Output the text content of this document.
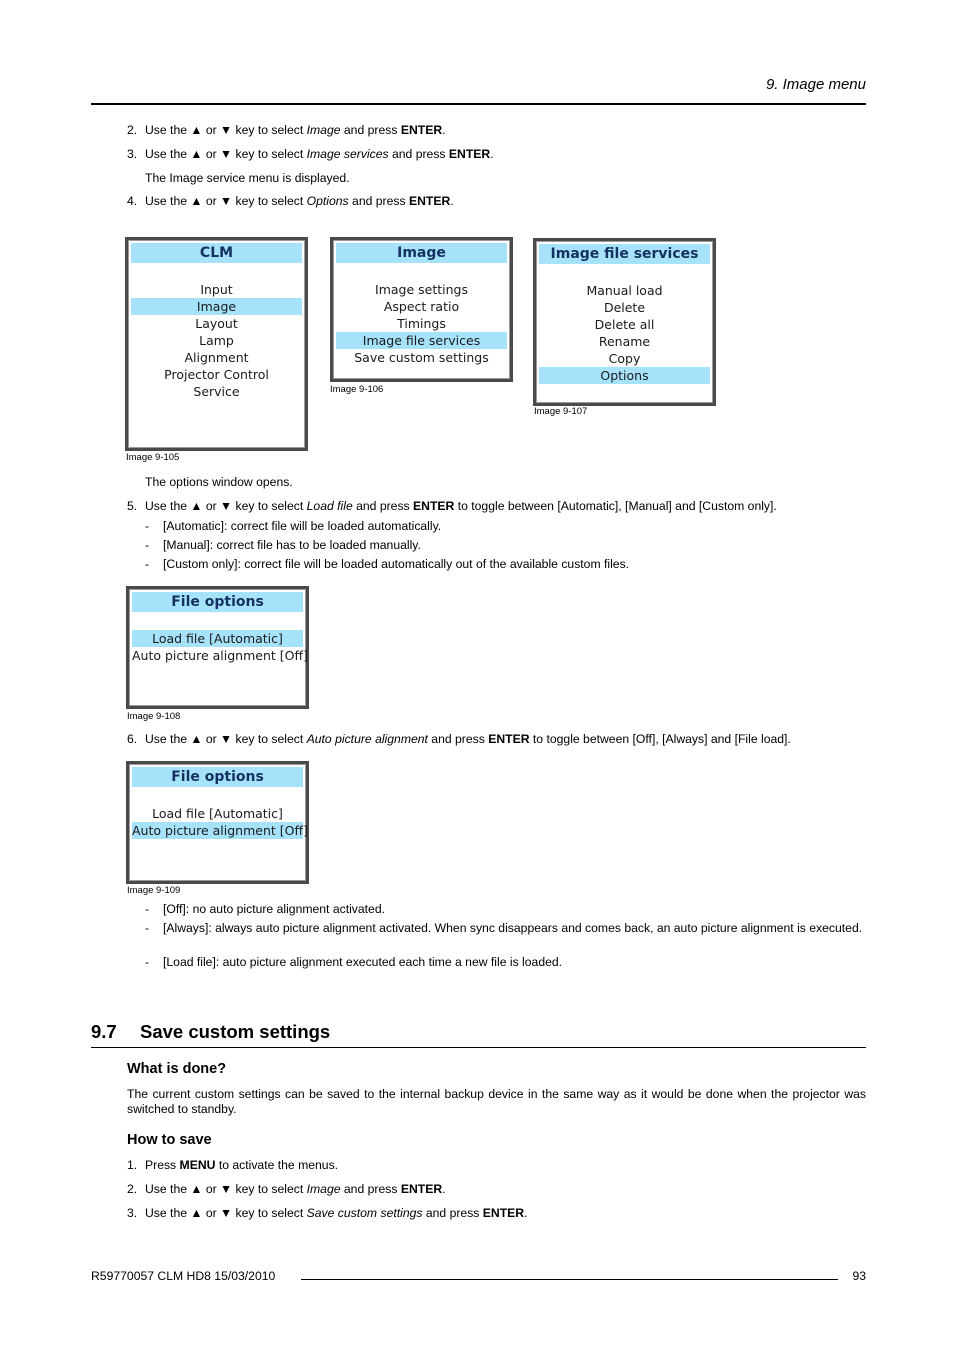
9. Image menu
2. Use the ▲ or ▼ key to select Image and press ENTER.
3. Use the ▲ or ▼ key to select Image services and press ENTER.
The Image service menu is displayed.
4. Use the ▲ or ▼ key to select Options and press ENTER.
CLM
Input
Image
Layout
Lamp
Alignment
Projector Control
Service
Image 9-105
Image
Image settings
Aspect ratio
Timings
Image file services
Save custom settings
Image 9-106
Image file services
Manual load
Delete
Delete all
Rename
Copy
Options
Image 9-107
The options window opens.
5. Use the ▲ or ▼ key to select Load file and press ENTER to toggle between [Automatic], [Manual] and [Custom only].
- [Automatic]: correct file will be loaded automatically.
- [Manual]: correct file has to be loaded manually.
- [Custom only]: correct file will be loaded automatically out of the available custom files.
File options
Load file [Automatic]
Auto picture alignment [Off]
Image 9-108
6. Use the ▲ or ▼ key to select Auto picture alignment and press ENTER to toggle between [Off], [Always] and [File load].
File options
Load file [Automatic]
Auto picture alignment [Off]
Image 9-109
- [Off]: no auto picture alignment activated.
- [Always]: always auto picture alignment activated. When sync disappears and comes back, an auto picture alignment is executed.
- [Load file]: auto picture alignment executed each time a new file is loaded.
9.7 Save custom settings
What is done?
The current custom settings can be saved to the internal backup device in the same way as it would be done when the projector was switched to standby.
How to save
1. Press MENU to activate the menus.
2. Use the ▲ or ▼ key to select Image and press ENTER.
3. Use the ▲ or ▼ key to select Save custom settings and press ENTER.
R59770057 CLM HD8 15/03/2010	93
